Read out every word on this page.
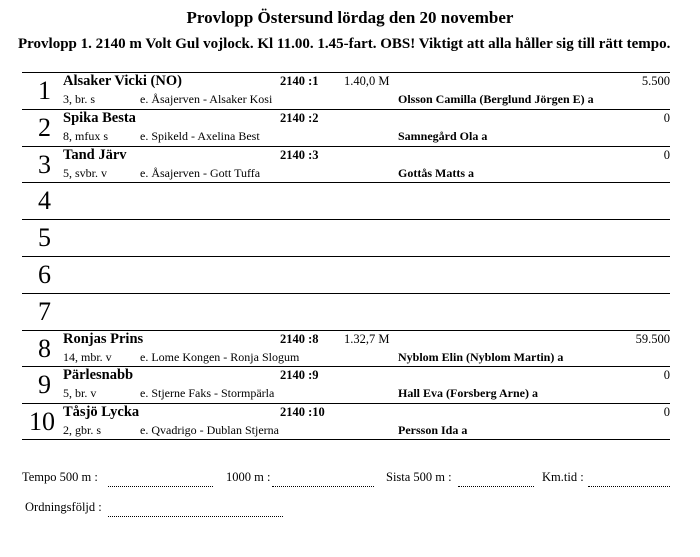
Provlopp Östersund lördag den 20 november
Provlopp 1. 2140 m Volt Gul vojlock. Kl 11.00. 1.45-fart. OBS! Viktigt att alla håller sig till rätt tempo.
1 Alsaker Vicki (NO)	2140 :1 1.40,0 M	5.500
3, br. s	e. Åsajerven - Alsaker Kosi	Olsson Camilla (Berglund Jörgen E) a
2 Spika Besta	2140 :2	0
8, mfux s	e. Spikeld - Axelina Best	Samnegård Ola a
3 Tand Järv	2140 :3	0
5, svbr. v	e. Åsajerven - Gott Tuffa	Gottås Matts a
4
5
6
7
8 Ronjas Prins	2140 :8 1.32,7 M	59.500
14, mbr. v e. Lome Kongen - Ronja Slogum	Nyblom Elin (Nyblom Martin) a
9 Pärlesnabb	2140 :9	0
5, br. v	e. Stjerne Faks - Stormpärla	Hall Eva (Forsberg Arne) a
10 Tåsjö Lycka	2140 :10	0
2, gbr. s	e. Qvadrigo - Dublan Stjerna	Persson Ida a
Tempo 500 m :	1000 m :	Sista 500 m :	Km.tid :
Ordningsföljd :
